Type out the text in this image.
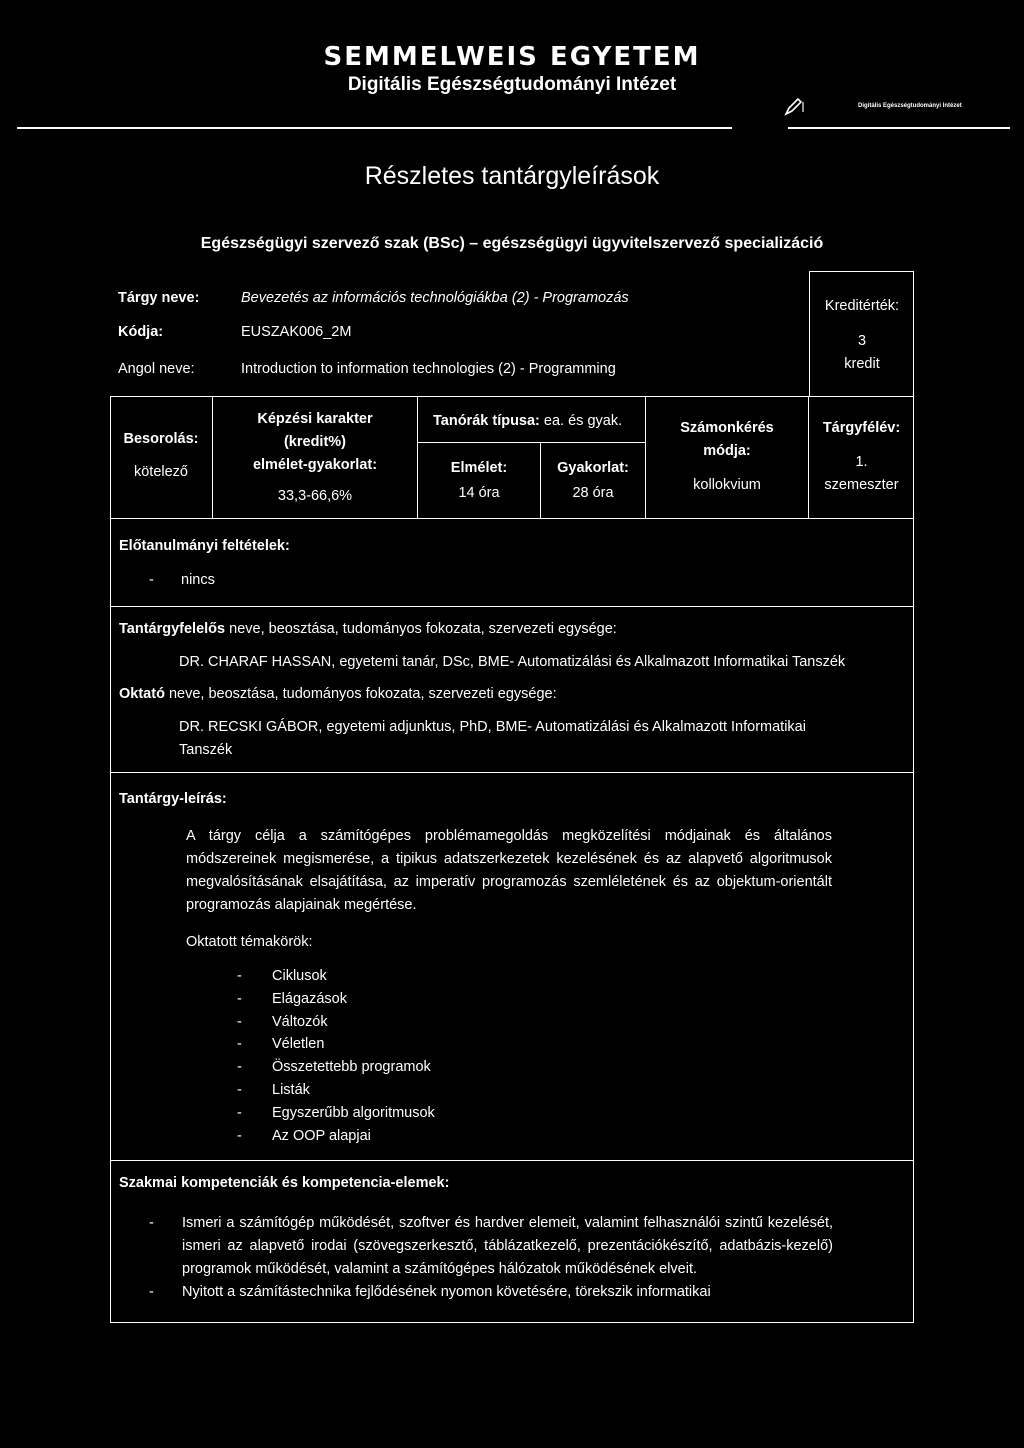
SEMMELWEIS EGYETEM
Digitális Egészségtudományi Intézet
Digitális Egészségtudományi Intézet
Részletes tantárgyleírások
Egészségügyi szervező szak (BSc) – egészségügyi ügyvitelszervező specializáció
Tárgy neve:	Bevezetés az információs technológiákba (2) - Programozás
Kódja:	EUSZAK006_2M
Angol neve:	Introduction to information technologies (2) - Programming
Kreditérték:
3
kredit
Besorolás:
kötelező
Képzési karakter
(kredit%)
elmélet-gyakorlat:
33,3-66,6%
Tanórák típusa: ea. és gyak.
Elmélet:
14 óra
Gyakorlat:
28 óra
Számonkérés
módja:
kollokvium
Tárgyfélév:
1.
szemeszter
Előtanulmányi feltételek:
- nincs
Tantárgyfelelős neve, beosztása, tudományos fokozata, szervezeti egysége:
DR. CHARAF HASSAN, egyetemi tanár, DSc, BME- Automatizálási és Alkalmazott Informatikai Tanszék
Oktató neve, beosztása, tudományos fokozata, szervezeti egysége:
DR. RECSKI GÁBOR, egyetemi adjunktus, PhD, BME- Automatizálási és Alkalmazott Informatikai
Tanszék
Tantárgy-leírás:
A tárgy célja a számítógépes problémamegoldás megközelítési módjainak és általános módszereinek megismerése, a tipikus adatszerkezetek kezelésének és az alapvető algoritmusok megvalósításának elsajátítása, az imperatív programozás szemléletének és az objektum-orientált programozás alapjainak megértése.
Oktatott témakörök:
- Ciklusok
- Elágazások
- Változók
- Véletlen
- Összetettebb programok
- Listák
- Egyszerűbb algoritmusok
- Az OOP alapjai
Szakmai kompetenciák és kompetencia-elemek:
- Ismeri a számítógép működését, szoftver és hardver elemeit, valamint felhasználói szintű kezelését, ismeri az alapvető irodai (szövegszerkesztő, táblázatkezelő, prezentációkészítő, adatbázis-kezelő) programok működését, valamint a számítógépes hálózatok működésének elveit.
- Nyitott a számítástechnika fejlődésének nyomon követésére, törekszik informatikai
